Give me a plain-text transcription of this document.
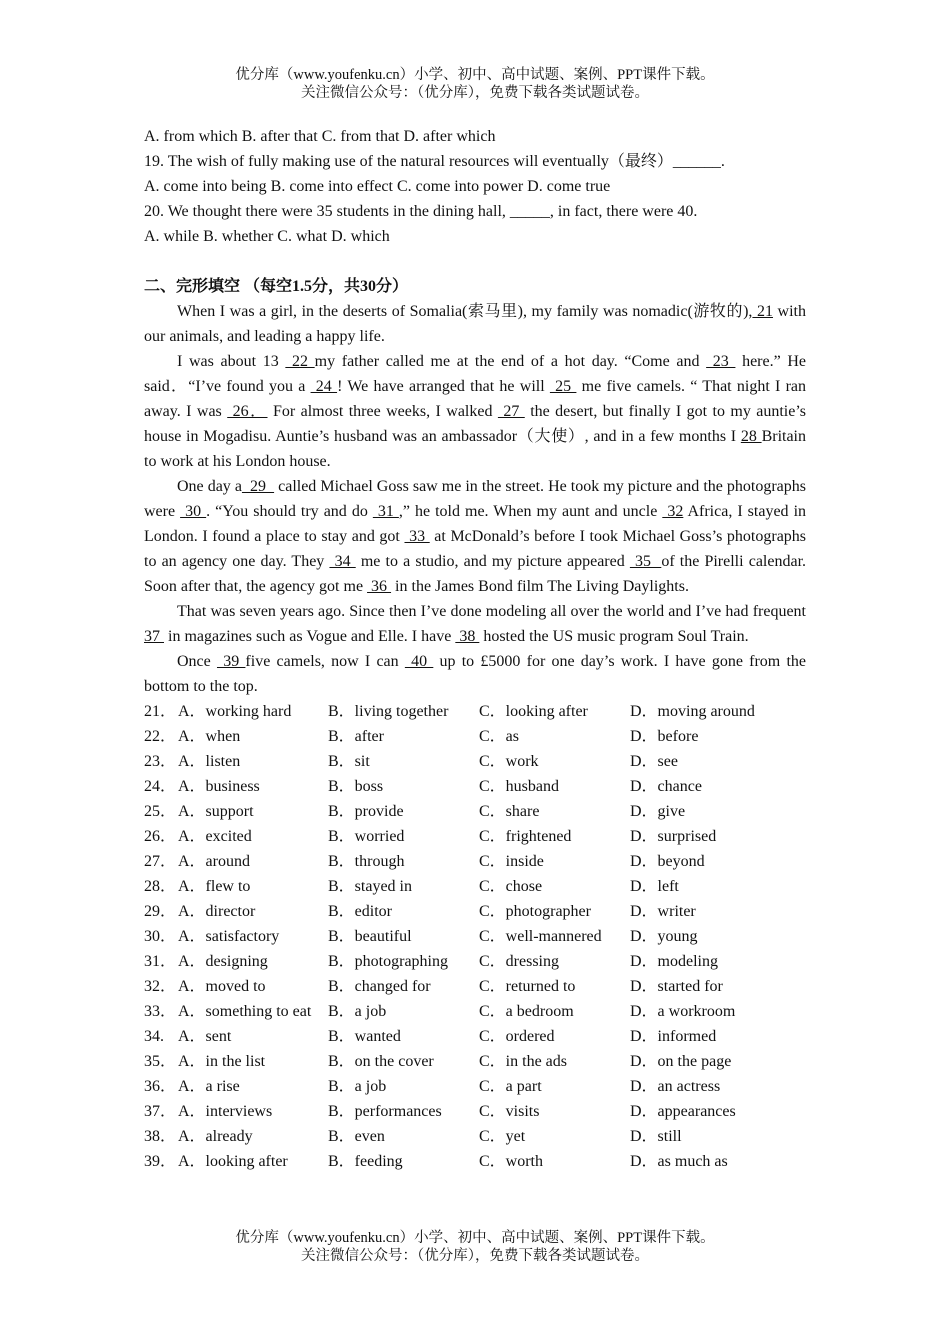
优分库（www.youfenku.cn）小学、初中、高中试题、案例、PPT课件下载。
关注微信公众号：（优分库），免费下载各类试题试卷。
A. from which B. after that C. from that D. after which
19. The wish of fully making use of the natural resources will eventually（最终）______.
A. come into being B. come into effect C. come into power D. come true
20. We thought there were 35 students in the dining hall, _____, in fact, there were 40.
A. while B. whether C. what D. which
二、完形填空 （每空1.5分，共30分）
When I was a girl, in the deserts of Somalia(索马里), my family was nomadic(游牧的), 21 with our animals, and leading a happy life.
I was about 13  22 my father called me at the end of a hot day. “Come and  23  here.” He said．“I’ve found you a  24 ! We have arranged that he will  25  me five camels. “ That night I ran away. I was  26． For almost three weeks, I walked  27  the desert, but finally I got to my auntie’s house in Mogadisu. Auntie’s husband was an ambassador（大使）, and in a few months I 28 Britain to work at his London house.
One day a  29   called Michael Goss saw me in the street. He took my picture and the photographs were  30 . “You should try and do  31 ,” he told me. When my aunt and uncle  32 Africa, I stayed in London. I found a place to stay and got  33  at McDonald’s before I took Michael Goss’s photographs to an agency one day. They  34  me to a studio, and my picture appeared  35  of the Pirelli calendar. Soon after that, the agency got me  36  in the James Bond film The Living Daylights.
That was seven years ago. Since then I’ve done modeling all over the world and I’ve had frequent 37  in magazines such as Vogue and Elle. I have  38  hosted the US music program Soul Train.
Once  39 five camels, now I can  40  up to £5000 for one day’s work. I have gone from the bottom to the top.
21． A．working hard	B．living together	C．looking after	D．moving around
22． A．when	B．after	C．as	D．before
23． A．listen	B．sit	C．work	D．see
24． A．business	B．boss	C．husband	D．chance
25． A．support	B．provide	C．share	D．give
26． A．excited	B．worried	C．frightened	D．surprised
27． A．around	B．through	C．inside	D．beyond
28． A．flew to	B．stayed in	C．chose	D．left
29． A．director	B．editor	C．photographer	D．writer
30． A．satisfactory	B．beautiful	C．well-mannered	D．young
31． A．designing	B．photographing	C．dressing	D．modeling
32． A．moved to	B．changed for	C．returned to	D．started for
33． A．something to eat	B．a job	C．a bedroom	D．a workroom
34. A．sent	B．wanted	C．ordered	D．informed
35． A．in the list	B．on the cover	C．in the ads	D．on the page
36． A．a rise	B．a job	C．a part	D．an actress
37． A．interviews	B．performances	C．visits	D．appearances
38． A．already	B．even	C．yet	D．still
39． A．looking after	B．feeding	C．worth	D．as much as
优分库（www.youfenku.cn）小学、初中、高中试题、案例、PPT课件下载。
关注微信公众号：（优分库），免费下载各类试题试卷。
